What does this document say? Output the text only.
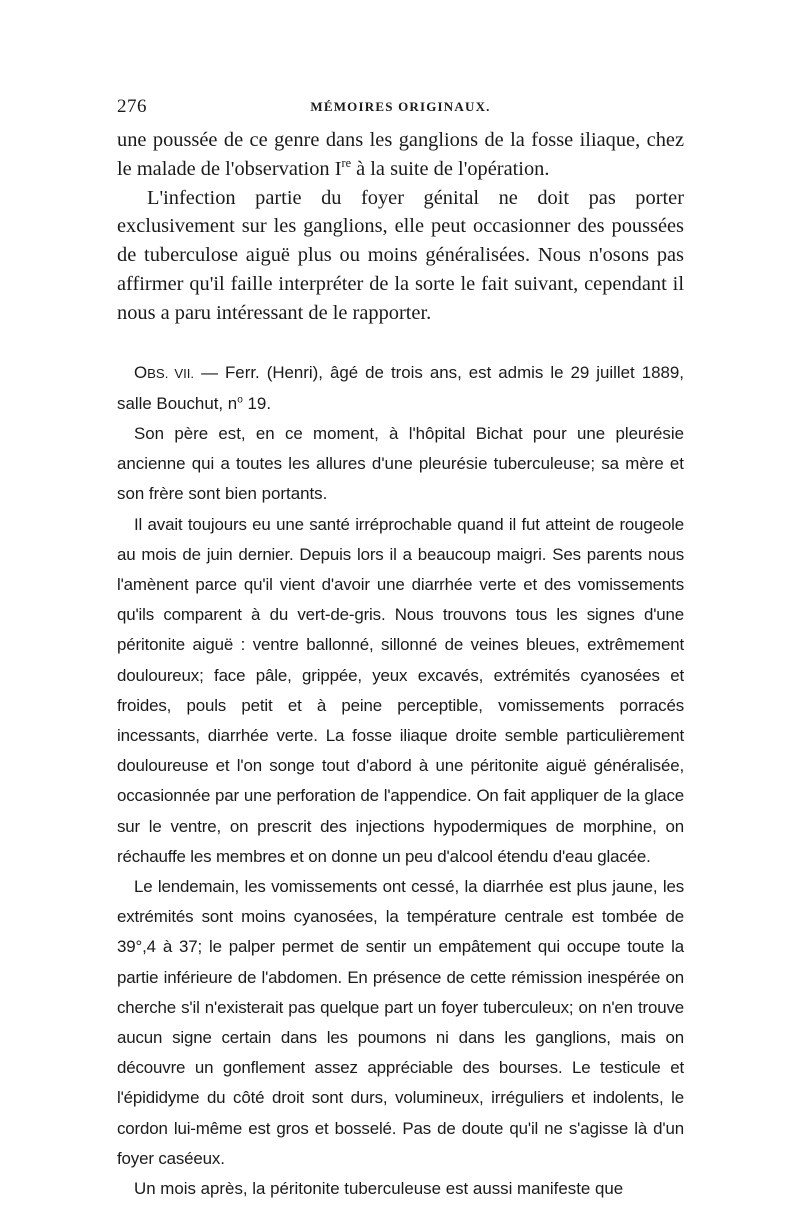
276	MÉMOIRES ORIGINAUX.

une poussée de ce genre dans les ganglions de la fosse iliaque, chez le malade de l'observation Ire à la suite de l'opération.

L'infection partie du foyer génital ne doit pas porter exclusivement sur les ganglions, elle peut occasionner des poussées de tuberculose aiguë plus ou moins généralisées. Nous n'osons pas affirmer qu'il faille interpréter de la sorte le fait suivant, cependant il nous a paru intéressant de le rapporter.

OBS. VII. — Ferr. (Henri), âgé de trois ans, est admis le 29 juillet 1889, salle Bouchut, $n^o$ 19.

Son père est, en ce moment, à l'hôpital Bichat pour une pleurésie ancienne qui a toutes les allures d'une pleurésie tuberculeuse; sa mère et son frère sont bien portants.

Il avait toujours eu une santé irréprochable quand il fut atteint de rougeole au mois de juin dernier. Depuis lors il a beaucoup maigri. Ses parents nous l'amènent parce qu'il vient d'avoir une diarrhée verte et des vomissements qu'ils comparent à du vert-de-gris. Nous trouvons tous les signes d'une péritonite aiguë : ventre ballonné, sillonné de veines bleues, extrêmement douloureux; face pâle, grippée, yeux excavés, extrémités cyanosées et froides, pouls petit et à peine perceptible, vomissements porracés incessants, diarrhée verte. La fosse iliaque droite semble particulièrement douloureuse et l'on songe tout d'abord à une péritonite aiguë généralisée, occasionnée par une perforation de l'appendice. On fait appliquer de la glace sur le ventre, on prescrit des injections hypodermiques de morphine, on réchauffe les membres et on donne un peu d'alcool étendu d'eau glacée.

Le lendemain, les vomissements ont cessé, la diarrhée est plus jaune, les extrémités sont moins cyanosées, la température centrale est tombée de 39°,4 à 37; le palper permet de sentir un empâtement qui occupe toute la partie inférieure de l'abdomen. En présence de cette rémission inespérée on cherche s'il n'existerait pas quelque part un foyer tuberculeux; on n'en trouve aucun signe certain dans les poumons ni dans les ganglions, mais on découvre un gonflement assez appréciable des bourses. Le testicule et l'épididyme du côté droit sont durs, volumineux, irréguliers et indolents, le cordon lui-même est gros et bosselé. Pas de doute qu'il ne s'agisse là d'un foyer caséeux.

Un mois après, la péritonite tuberculeuse est aussi manifeste que
